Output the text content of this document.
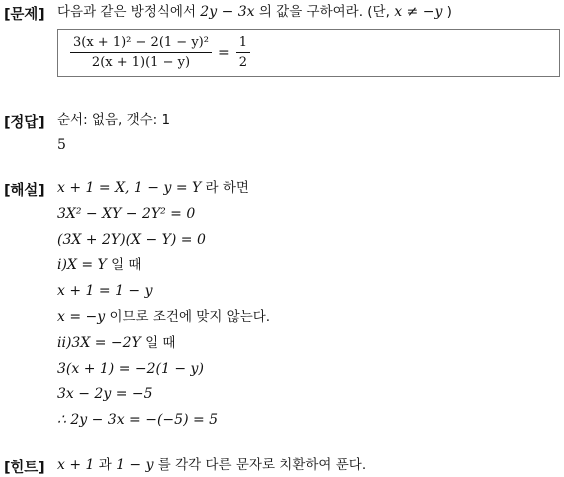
[문제] 다음과 같은 방정식에서 2y − 3x 의 값을 구하여라. (단, x ≠ −y )
$\frac{\text{3(x + 1)² − 2(1 − y)²}}{2(x + 1)(1 - y)} = \frac{1}{2}$
[정답] 순서: 없음, 갯수: 1
5
[해설] x + 1 = X, 1 − y = Y 라 하면
3X² − XY − 2Y² = 0
(3X + 2Y)(X − Y) = 0
i)X = Y 일 때
x + 1 = 1 − y
x = −y 이므로 조건에 맞지 않는다.
ii)3X = −2Y 일 때
3(x + 1) = −2(1 − y)
3x − 2y = −5
∴ 2y − 3x = −(−5) = 5
[힌트] x + 1 과 1 − y 를 각각 다른 문자로 치환하여 푼다.
